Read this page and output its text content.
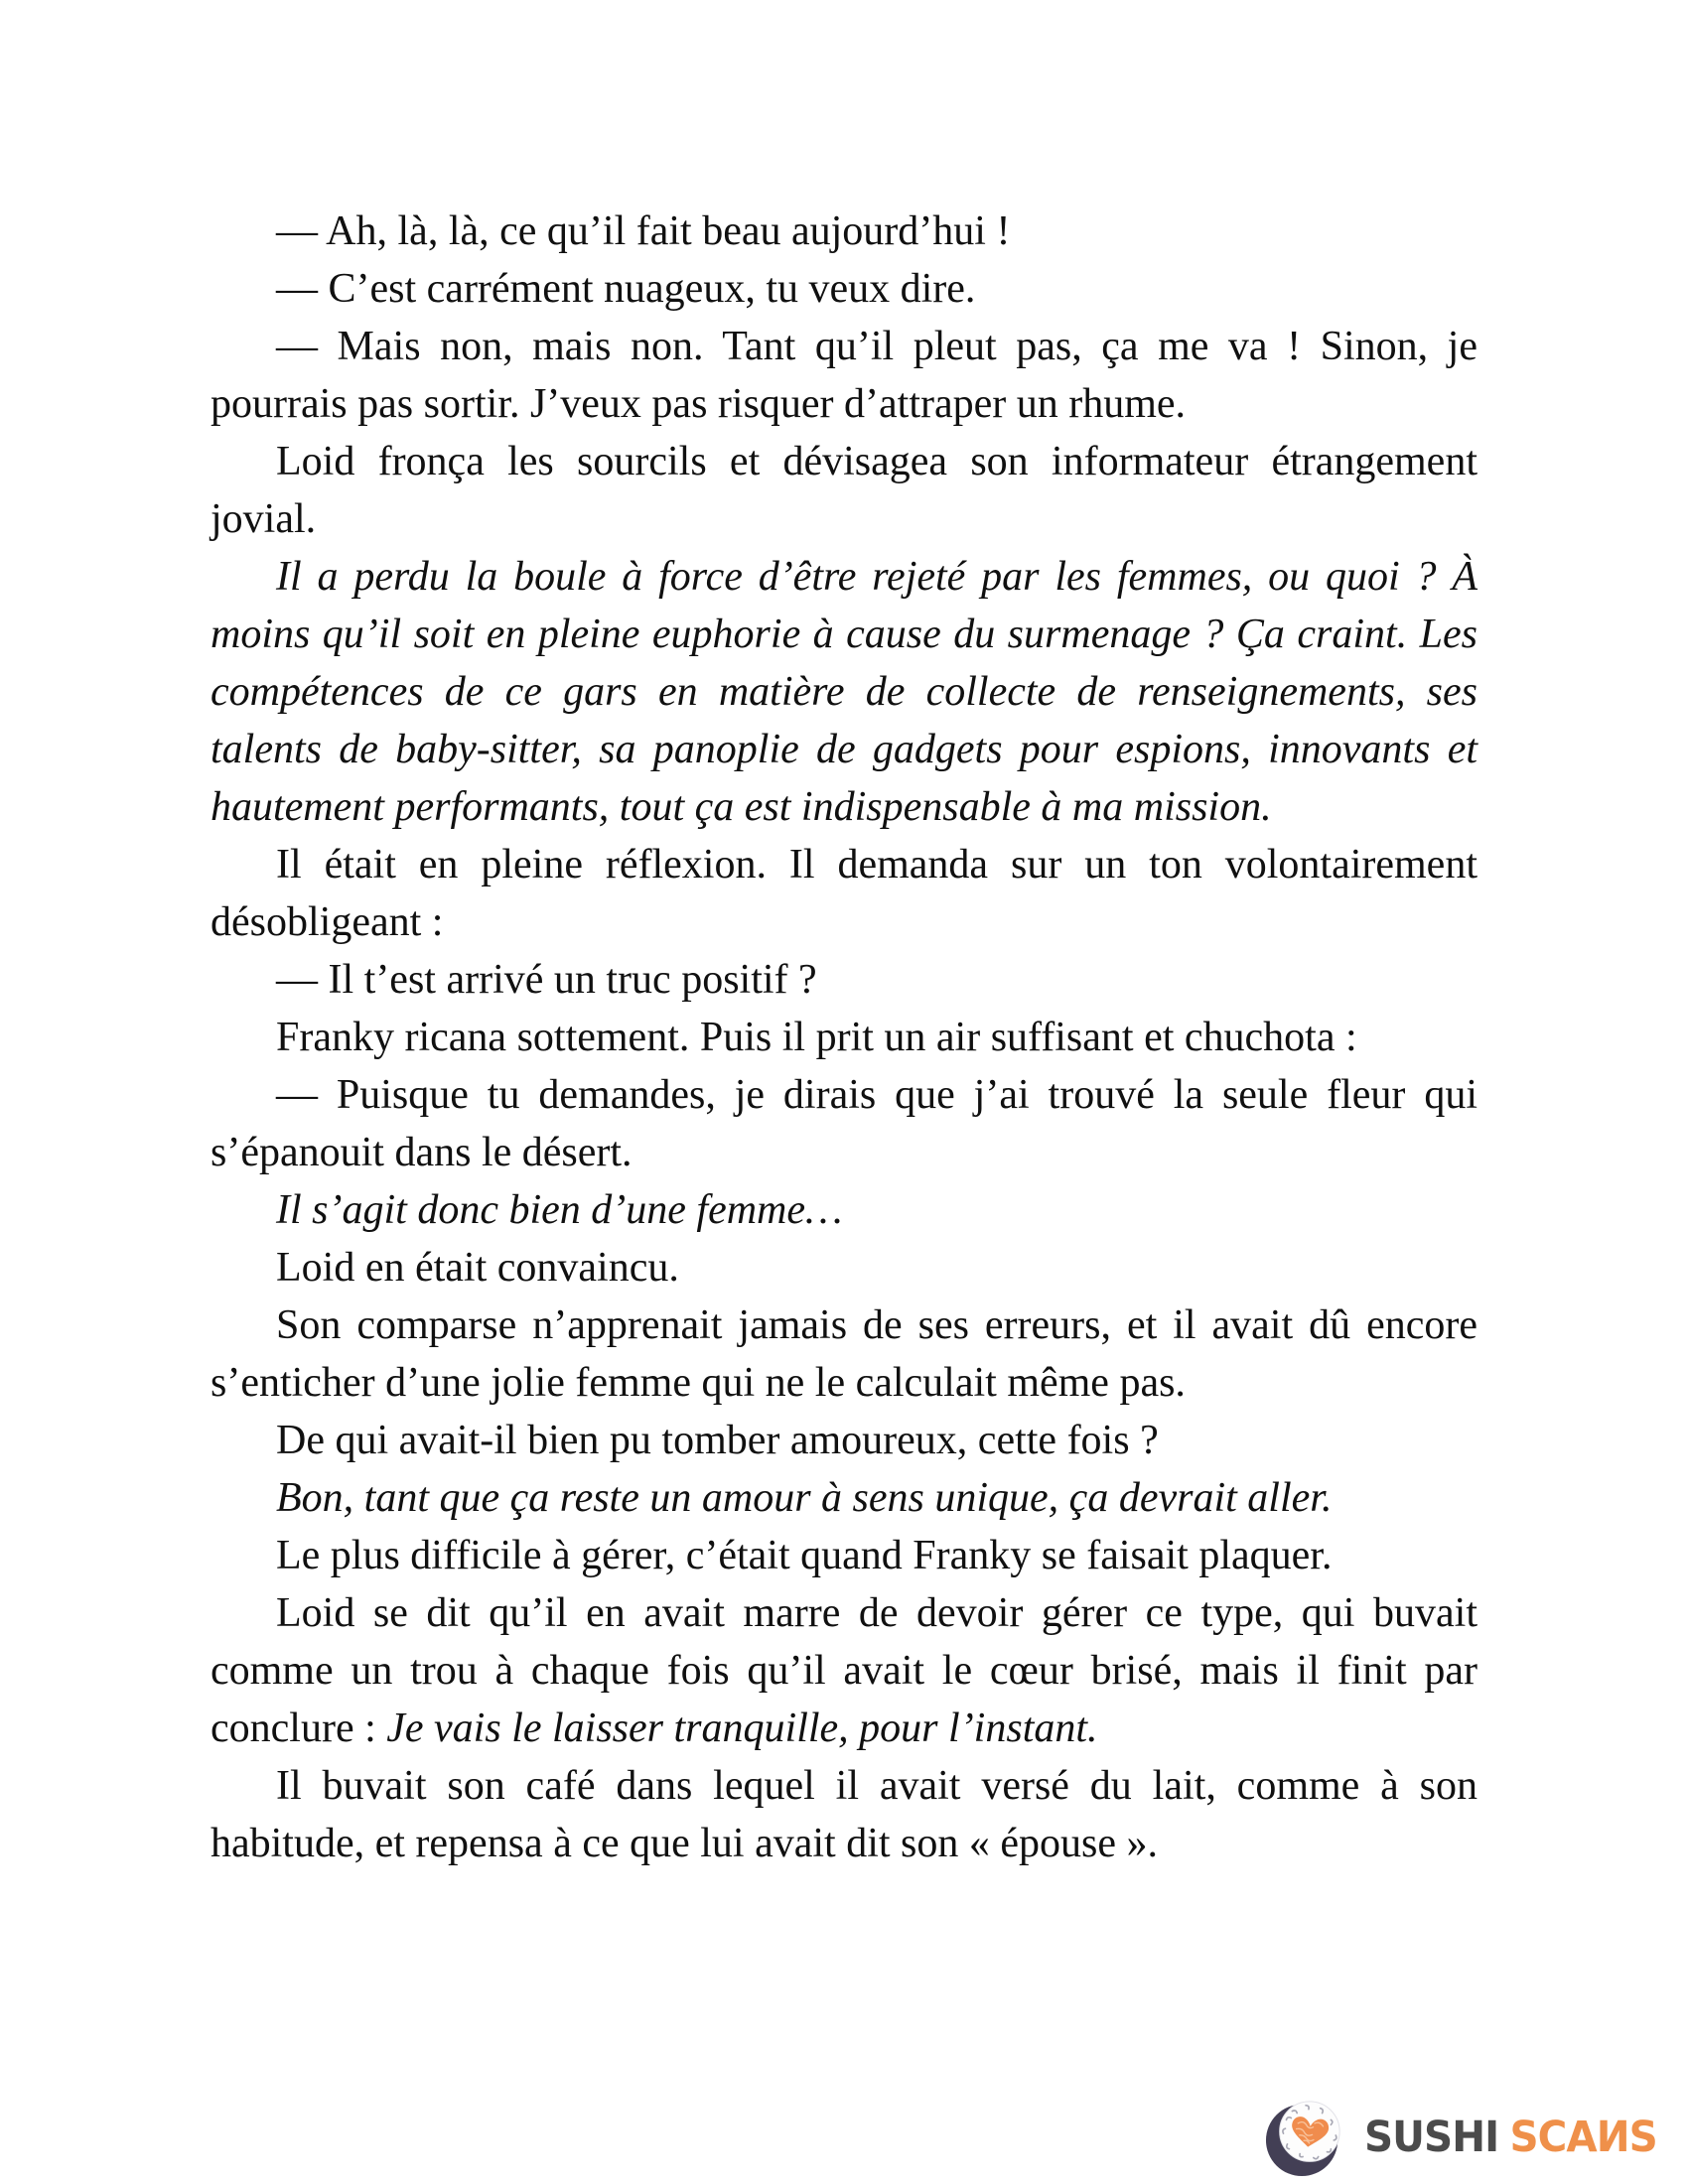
— Ah, là, là, ce qu’il fait beau aujourd’hui !
— C’est carrément nuageux, tu veux dire.
— Mais non, mais non. Tant qu’il pleut pas, ça me va ! Sinon, je
pourrais pas sortir. J’veux pas risquer d’attraper un rhume.
Loid fronça les sourcils et dévisagea son informateur étrangement
jovial.
Il a perdu la boule à force d’être rejeté par les femmes, ou quoi ? À
moins qu’il soit en pleine euphorie à cause du surmenage ? Ça craint. Les
compétences de ce gars en matière de collecte de renseignements, ses
talents de baby-sitter, sa panoplie de gadgets pour espions, innovants et
hautement performants, tout ça est indispensable à ma mission.
Il était en pleine réflexion. Il demanda sur un ton volontairement
désobligeant :
— Il t’est arrivé un truc positif ?
Franky ricana sottement. Puis il prit un air suffisant et chuchota :
— Puisque tu demandes, je dirais que j’ai trouvé la seule fleur qui
s’épanouit dans le désert.
Il s’agit donc bien d’une femme…
Loid en était convaincu.
Son comparse n’apprenait jamais de ses erreurs, et il avait dû encore
s’enticher d’une jolie femme qui ne le calculait même pas.
De qui avait-il bien pu tomber amoureux, cette fois ?
Bon, tant que ça reste un amour à sens unique, ça devrait aller.
Le plus difficile à gérer, c’était quand Franky se faisait plaquer.
Loid se dit qu’il en avait marre de devoir gérer ce type, qui buvait
comme un trou à chaque fois qu’il avait le cœur brisé, mais il finit par
conclure : Je vais le laisser tranquille, pour l’instant.
Il buvait son café dans lequel il avait versé du lait, comme à son
habitude, et repensa à ce que lui avait dit son « épouse ».
SUSHI SCAИS
